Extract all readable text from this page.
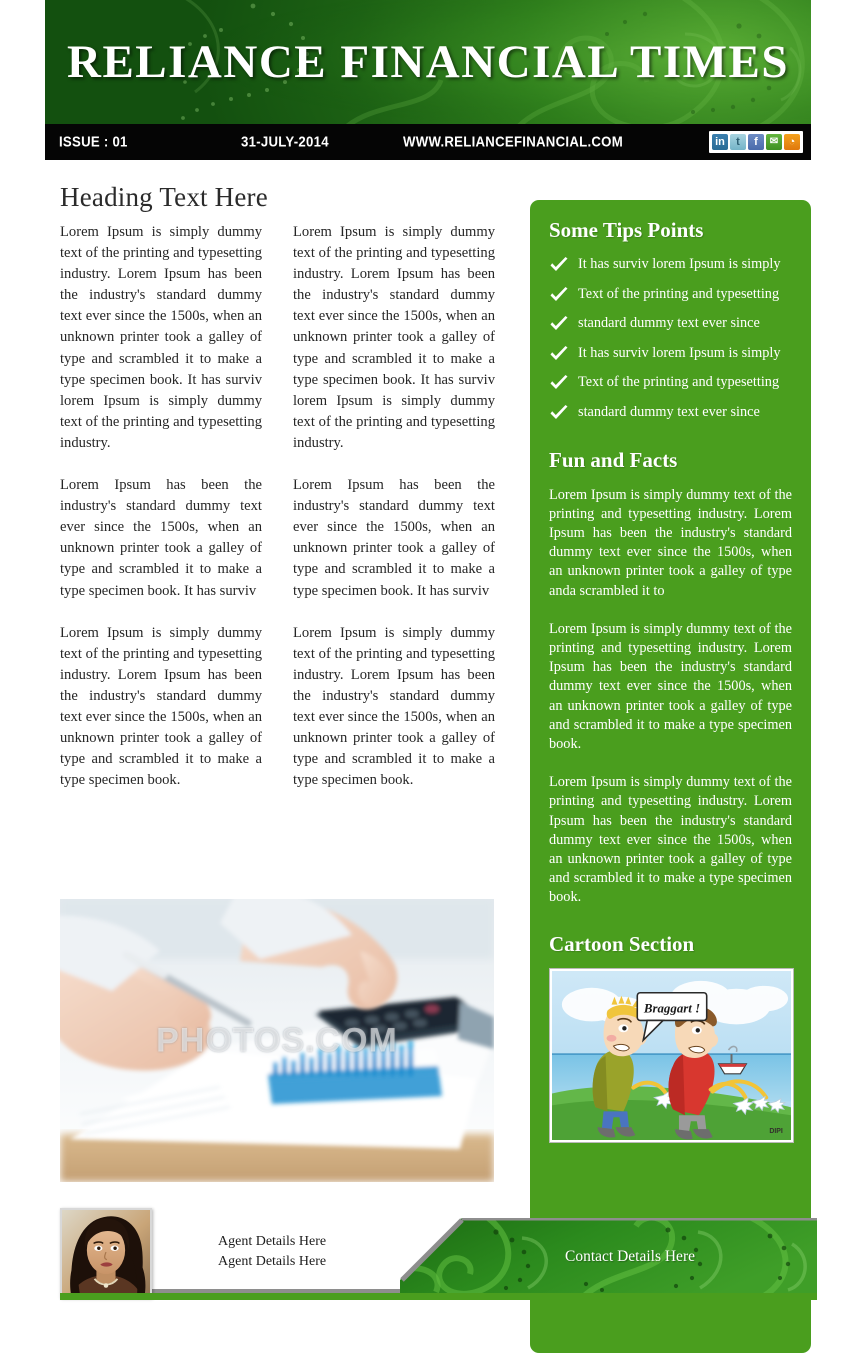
RELIANCE FINANCIAL TIMES
ISSUE : 01	31-JULY-2014	WWW.RELIANCEFINANCIAL.COM	in	t	f	✉ ◔
Heading Text Here

Lorem Ipsum is simply dummy text of the printing and typesetting industry. Lorem Ipsum has been the industry's standard dummy text ever since the 1500s, when an unknown printer took a galley of type and scrambled it to make a type specimen book. It has surviv lorem Ipsum is simply dummy text of the printing and typesetting industry.

Lorem Ipsum has been the industry's standard dummy text ever since the 1500s, when an unknown printer took a galley of type and scrambled it to make a type specimen book. It has surviv

Lorem Ipsum is simply dummy text of the printing and typesetting industry. Lorem Ipsum has been the industry's standard dummy text ever since the 1500s, when an unknown printer took a galley of type and scrambled it to make a type specimen book.

Lorem Ipsum is simply dummy text of the printing and typesetting industry. Lorem Ipsum has been the industry's standard dummy text ever since the 1500s, when an unknown printer took a galley of type and scrambled it to make a type specimen book. It has surviv lorem Ipsum is simply dummy text of the printing and typesetting industry.

Lorem Ipsum has been the industry's standard dummy text ever since the 1500s, when an unknown printer took a galley of type and scrambled it to make a type specimen book. It has surviv

Lorem Ipsum is simply dummy text of the printing and typesetting industry. Lorem Ipsum has been the industry's standard dummy text ever since the 1500s, when an unknown printer took a galley of type and scrambled it to make a type specimen book.

PHOTOS.COM
Some Tips Points
It has surviv lorem Ipsum is simply
Text of the printing and typesetting
standard dummy text ever since
It has surviv lorem Ipsum is simply
Text of the printing and typesetting
standard dummy text ever since
Fun and Facts

Lorem Ipsum is simply dummy text of the printing and typesetting industry. Lorem Ipsum has been the industry's standard dummy text ever since the 1500s, when an unknown printer took a galley of type anda scrambled it to

Lorem Ipsum is simply dummy text of the printing and typesetting industry. Lorem Ipsum has been the industry's standard dummy text ever since the 1500s, when an unknown printer took a galley of type and scrambled it to make a type specimen book.

Lorem Ipsum is simply dummy text of the printing and typesetting industry. Lorem Ipsum has been the industry's standard dummy text ever since the 1500s, when an unknown printer took a galley of type and scrambled it to make a type specimen book.

Cartoon Section
Braggart !
DIPI
Contact Details Here
Agent Details Here
Agent Details Here
